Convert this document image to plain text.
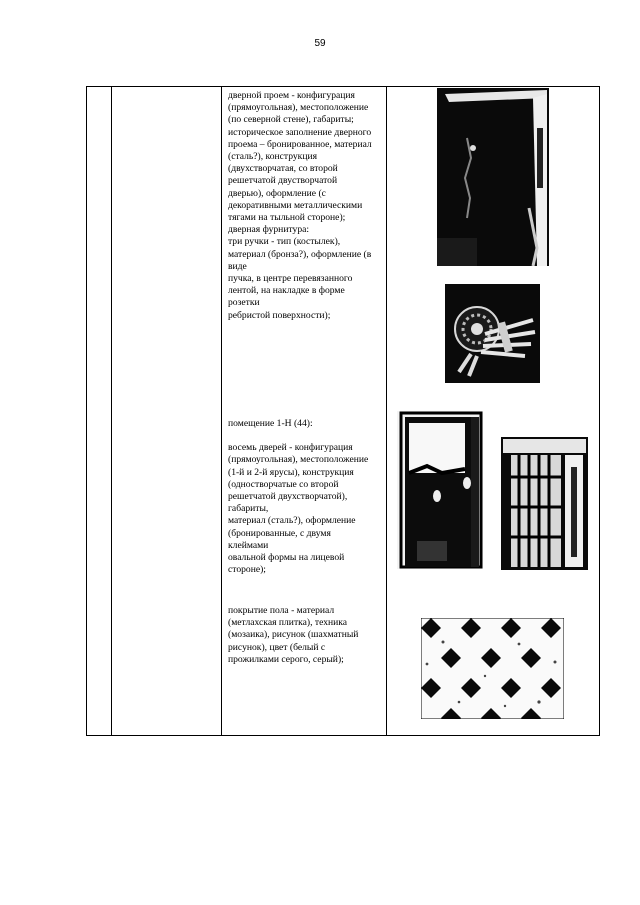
59

дверной проем - конфигурация

(прямоугольная), местоположение

(по северной стене), габариты;

историческое заполнение дверного

проема – бронированное, материал

(сталь?), конструкция

(двухстворчатая, со второй

решетчатой двустворчатой

дверью), оформление (с

декоративными металлическими

тягами на тыльной стороне);

дверная фурнитура:

три ручки - тип (костылек),

материал (бронза?), оформление (в

виде

пучка, в центре перевязанного

лентой, на накладке в форме

розетки

ребристой поверхности);

помещение 1-Н (44):

восемь дверей - конфигурация

(прямоугольная), местоположение

(1-й и 2-й ярусы), конструкция

(одностворчатые со второй

решетчатой двухстворчатой),

габариты,

материал (сталь?), оформление

(бронированные, с двумя

клеймами

овальной формы на лицевой

стороне);

покрытие пола - материал

(метлахская плитка), техника

(мозаика), рисунок (шахматный

рисунок), цвет (белый с

прожилками серого, серый);
